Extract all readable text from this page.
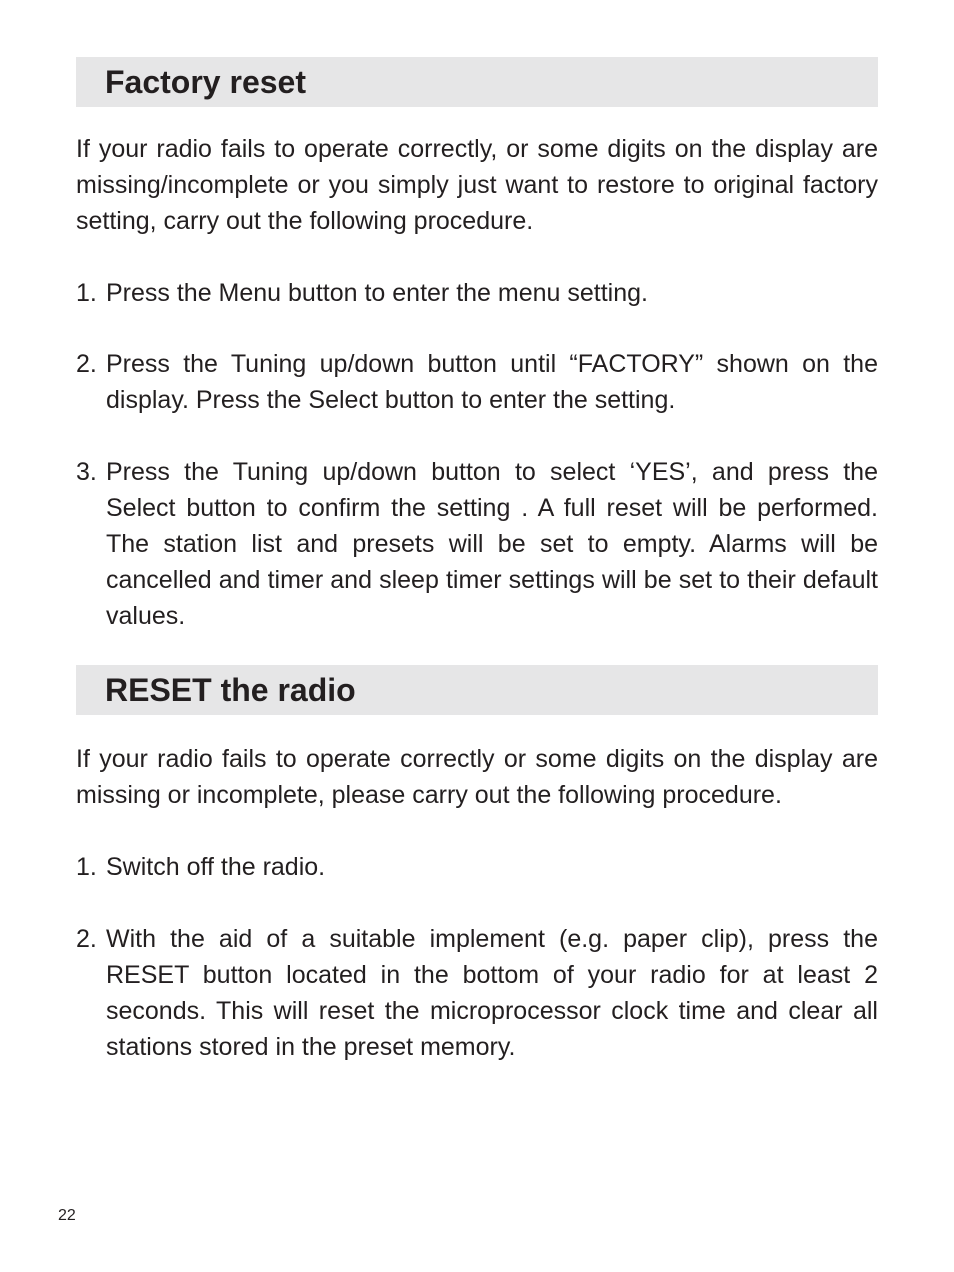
Factory reset

If your radio fails to operate correctly, or some digits on the display are missing/incomplete or you simply just want to restore to original factory setting, carry out the following procedure.

1. Press the Menu button to enter the menu setting.
2. Press the Tuning up/down button until “FACTORY” shown on the display. Press the Select button to enter the setting.
3. Press the Tuning up/down button to select ‘YES’, and press the Select button to confirm the setting . A full reset will be performed. The station list and presets will be set to empty. Alarms will be cancelled and timer and sleep timer settings will be set to their default values.
RESET the radio

If your radio fails to operate correctly or some digits on the display are missing or incomplete, please carry out the following procedure.

1. Switch off the radio.
2. With the aid of a suitable implement (e.g. paper clip), press the RESET button located in the bottom of your radio for at least 2 seconds. This will reset the microprocessor clock time and clear all stations stored in the preset memory.
22
